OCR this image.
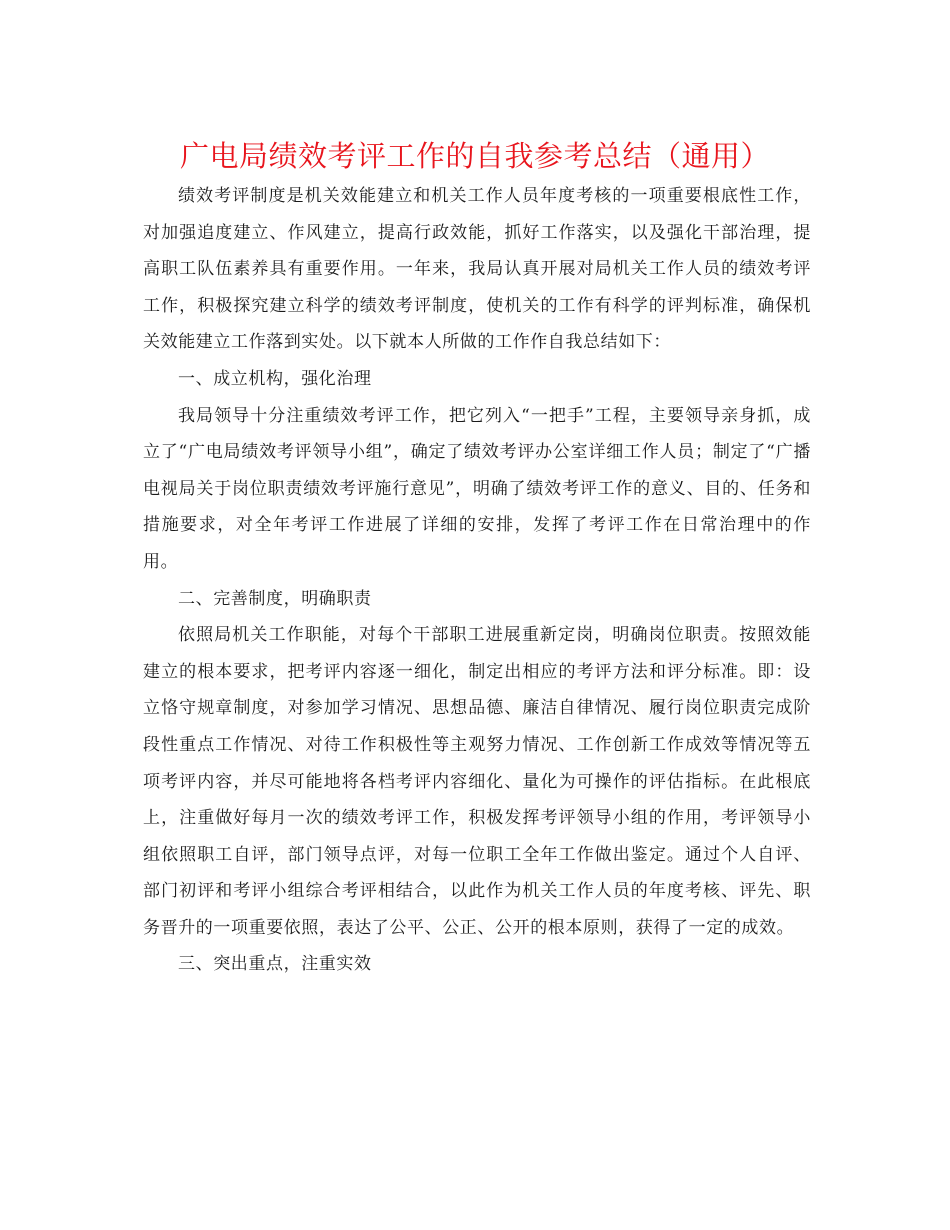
广电局绩效考评工作的自我参考总结（通用）

绩效考评制度是机关效能建立和机关工作人员年度考核的一项重要根底性工作，对加强追度建立、作风建立，提高行政效能，抓好工作落实，以及强化干部治理，提高职工队伍素养具有重要作用。一年来，我局认真开展对局机关工作人员的绩效考评工作，积极探究建立科学的绩效考评制度，使机关的工作有科学的评判标准，确保机关效能建立工作落到实处。以下就本人所做的工作作自我总结如下：

一、成立机构，强化治理

我局领导十分注重绩效考评工作，把它列入“一把手”工程，主要领导亲身抓，成立了“广电局绩效考评领导小组”，确定了绩效考评办公室详细工作人员；制定了“广播电视局关于岗位职责绩效考评施行意见”，明确了绩效考评工作的意义、目的、任务和措施要求，对全年考评工作进展了详细的安排，发挥了考评工作在日常治理中的作用。

二、完善制度，明确职责

依照局机关工作职能，对每个干部职工进展重新定岗，明确岗位职责。按照效能建立的根本要求，把考评内容逐一细化，制定出相应的考评方法和评分标准。即：设立恪守规章制度，对参加学习情况、思想品德、廉洁自律情况、履行岗位职责完成阶段性重点工作情况、对待工作积极性等主观努力情况、工作创新工作成效等情况等五项考评内容，并尽可能地将各档考评内容细化、量化为可操作的评估指标。在此根底上，注重做好每月一次的绩效考评工作，积极发挥考评领导小组的作用，考评领导小组依照职工自评，部门领导点评，对每一位职工全年工作做出鉴定。通过个人自评、部门初评和考评小组综合考评相结合，以此作为机关工作人员的年度考核、评先、职务晋升的一项重要依照，表达了公平、公正、公开的根本原则，获得了一定的成效。

三、突出重点，注重实效
